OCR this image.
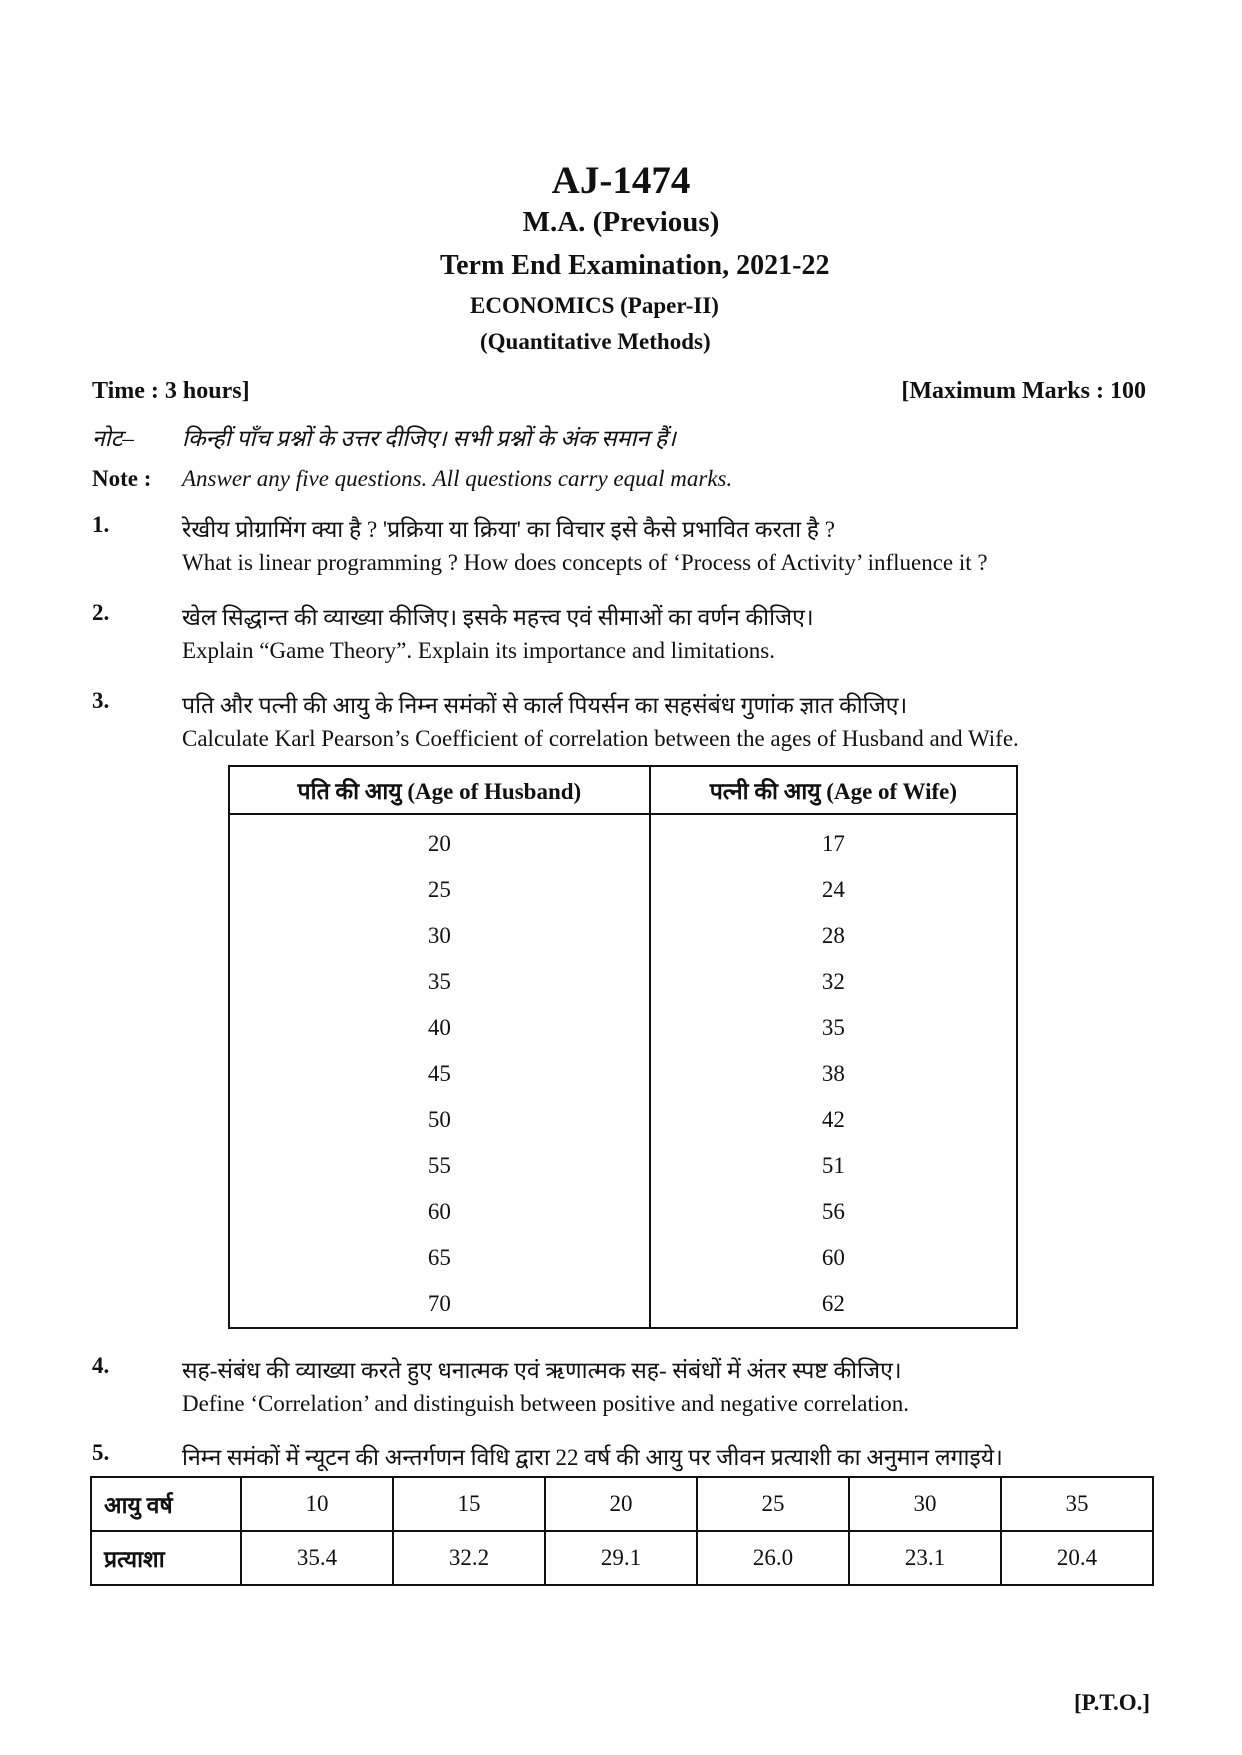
AJ-1474
M.A. (Previous)
Term End Examination, 2021-22
ECONOMICS (Paper-II)
(Quantitative Methods)
Time : 3 hours]	[Maximum Marks : 100
नोट– किन्हीं पाँच प्रश्नों के उत्तर दीजिए। सभी प्रश्नों के अंक समान हैं।
Note : Answer any five questions. All questions carry equal marks.
1.	रेखीय प्रोग्रामिंग क्या है ? 'प्रक्रिया या क्रिया' का विचार इसे कैसे प्रभावित करता है ?
What is linear programming ? How does concepts of ‘Process of Activity’ influence it ?
2.	खेल सिद्धान्त की व्याख्या कीजिए। इसके महत्त्व एवं सीमाओं का वर्णन कीजिए।
Explain “Game Theory”. Explain its importance and limitations.
3.	पति और पत्नी की आयु के निम्न समंकों से कार्ल पियर्सन का सहसंबंध गुणांक ज्ञात कीजिए।
Calculate Karl Pearson’s Coefficient of correlation between the ages of Husband and Wife.
पति की आयु (Age of Husband)	पत्नी की आयु (Age of Wife)
20	17
25	24
30	28
35	32
40	35
45	38
50	42
55	51
60	56
65	60
70	62
4.	सह-संबंध की व्याख्या करते हुए धनात्मक एवं ऋणात्मक सह- संबंधों में अंतर स्पष्ट कीजिए।
Define ‘Correlation’ and distinguish between positive and negative correlation.
5.	निम्न समंकों में न्यूटन की अन्तर्गणन विधि द्वारा 22 वर्ष की आयु पर जीवन प्रत्याशी का अनुमान लगाइये।
आयु वर्ष	10	15	20	25	30	35
प्रत्याशा	35.4	32.2	29.1	26.0	23.1	20.4
[P.T.O.]
